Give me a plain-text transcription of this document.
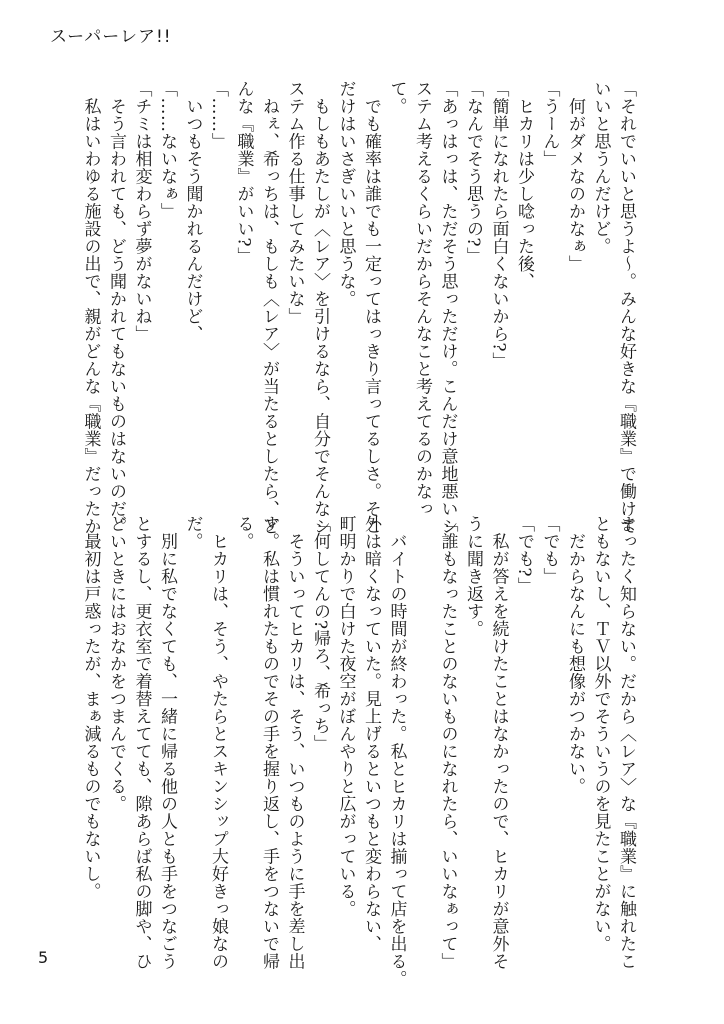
スーパーレア!!
「それでいいと思うよ～。みんな好きな『職業』で働けて
いいと思うんだけど。
　何がダメなのかなぁ」
「うーん」
　ヒカリは少し唸った後、
「簡単になれたら面白くないから?」
「なんでそう思うの?」
「あっはっは、ただそう思っただけ。こんだけ意地悪いシ
ステム考えるくらいだからそんなこと考えてるのかなっ
て。
　でも確率は誰でも一定ってはっきり言ってるしさ。そこ
だけはいさぎいいと思うな。
　もしもあたしが〈レア〉を引けるなら、自分でそんなシ
ステム作る仕事してみたいな」
　ねぇ、希っちは、もしも〈レア〉が当たるとしたら、ど
んな『職業』がいい?」
「……」
　いつもそう聞かれるんだけど、
「……ないなぁ」
「チミは相変わらず夢がないね」
　そう言われても、どう聞かれてもないものはないのだ。
　私はいわゆる施設の出で、親がどんな『職業』だったか
まったく知らない。だから〈レア〉な『職業』に触れたこ
ともないし、ＴＶ以外でそういうのを見たことがない。
　だからなんにも想像がつかない。
「でも」
「でも?」
　私が答えを続けたことはなかったので、ヒカリが意外そ
うに聞き返す。
「誰もなったことのないものになれたら、いいなぁって」

　バイトの時間が終わった。私とヒカリは揃って店を出る。
外は暗くなっていた。見上げるといつもと変わらない、
町明かりで白けた夜空がぼんやりと広がっている。
「何してんの?帰ろ、希っち」
　そういってヒカリは、そう、いつものように手を差し出
す。私は慣れたものでその手を握り返し、手をつないで帰
る。
　ヒカリは、そう、やたらとスキンシップ大好きっ娘なの
だ。
　別に私でなくても、一緒に帰る他の人とも手をつなごう
とするし、更衣室で着替えてても、隙あらば私の脚や、ひ
どいときにはおなかをつまんでくる。
　最初は戸惑ったが、まぁ減るものでもないし。
5
